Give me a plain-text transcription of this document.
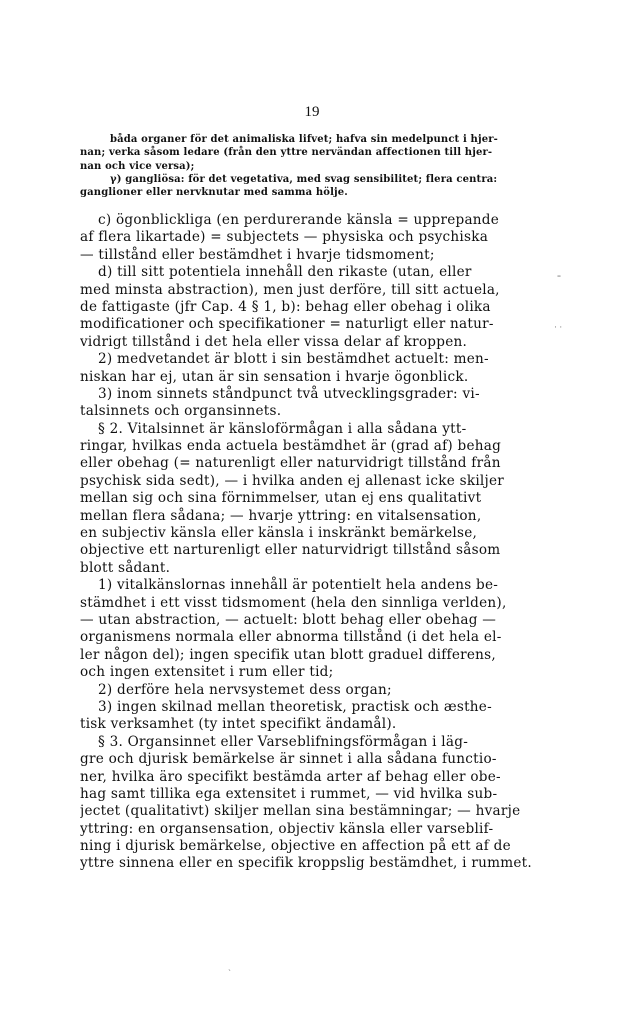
19
båda organer för det animaliska lifvet; hafva sin medelpunct i hjer-
nan; verka såsom ledare (från den yttre nervändan affectionen till hjer-
nan och vice versa);
γ) gangliösa: för det vegetativa, med svag sensibilitet; flera centra:
ganglioner eller nervknutar med samma hölje.
c) ögonblickliga (en perdurerande känsla = upprepande
af flera likartade) = subjectets — physiska och psychiska
— tillstånd eller bestämdhet i hvarje tidsmoment;
d) till sitt potentiela innehåll den rikaste (utan, eller
med minsta abstraction), men just derföre, till sitt actuela,
de fattigaste (jfr Cap. 4 § 1, b): behag eller obehag i olika
modificationer och specifikationer = naturligt eller natur-
vidrigt tillstånd i det hela eller vissa delar af kroppen.
2) medvetandet är blott i sin bestämdhet actuelt: men-
niskan har ej, utan är sin sensation i hvarje ögonblick.
3) inom sinnets ståndpunct två utvecklingsgrader: vi-
talsinnets och organsinnets.
§ 2. Vitalsinnet är känsloförmågan i alla sådana ytt-
ringar, hvilkas enda actuela bestämdhet är (grad af) behag
eller obehag (= naturenligt eller naturvidrigt tillstånd från
psychisk sida sedt), — i hvilka anden ej allenast icke skiljer
mellan sig och sina förnimmelser, utan ej ens qualitativt
mellan flera sådana; — hvarje yttring: en vitalsensation,
en subjectiv känsla eller känsla i inskränkt bemärkelse,
objective ett narturenligt eller naturvidrigt tillstånd såsom
blott sådant.
1) vitalkänslornas innehåll är potentielt hela andens be-
stämdhet i ett visst tidsmoment (hela den sinnliga verlden),
— utan abstraction, — actuelt: blott behag eller obehag —
organismens normala eller abnorma tillstånd (i det hela el-
ler någon del); ingen specifik utan blott graduel differens,
och ingen extensitet i rum eller tid;
2) derföre hela nervsystemet dess organ;
3) ingen skilnad mellan theoretisk, practisk och æsthe-
tisk verksamhet (ty intet specifikt ändamål).
§ 3. Organsinnet eller Varseblifningsförmågan i läg-
gre och djurisk bemärkelse är sinnet i alla sådana functio-
ner, hvilka äro specifikt bestämda arter af behag eller obe-
hag samt tillika ega extensitet i rummet, — vid hvilka sub-
jectet (qualitativt) skiljer mellan sina bestämningar; — hvarje
yttring: en organsensation, objectiv känsla eller varseblif-
ning i djurisk bemärkelse, objective en affection på ett af de
yttre sinnena eller en specifik kroppslig bestämdhet, i rummet.
-
· ·
`
